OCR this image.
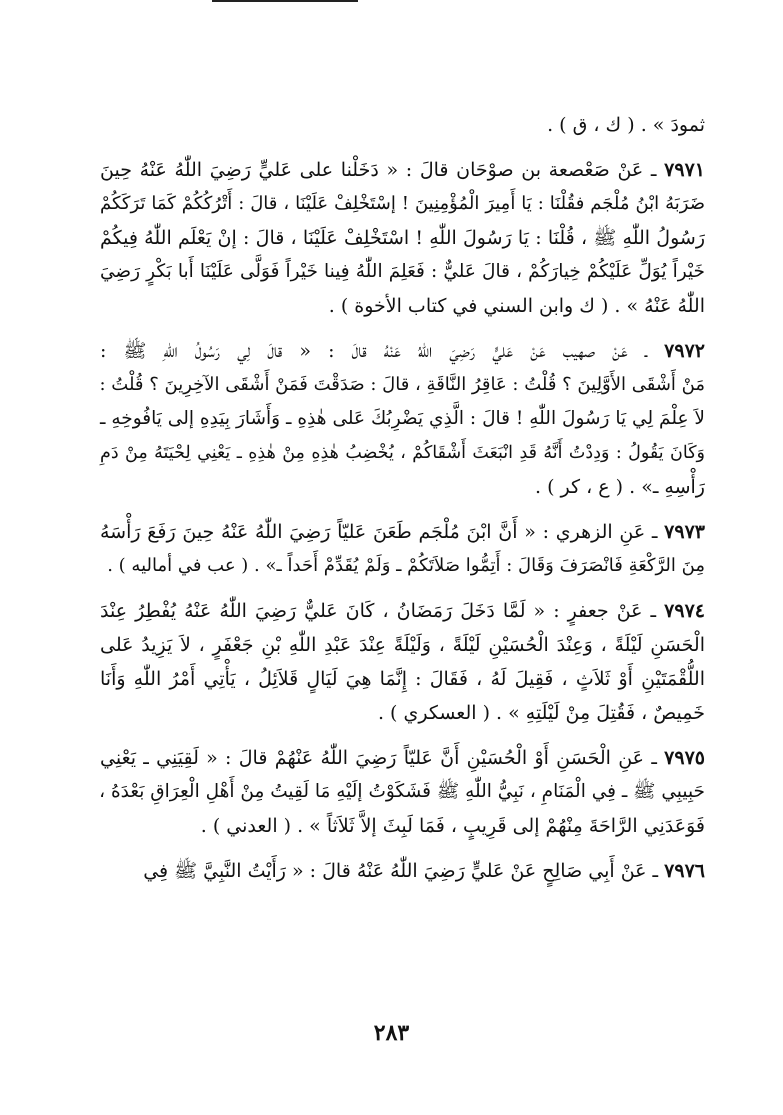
ثمودَ » . ( ك ، ق ) .
٧٩٧١ ـ عَنْ صَعْصعة بن صوْحَان قالَ : « دَخَلْنا على عَليٍّ رَضِيَ اللّٰهُ عَنْهُ حِينَ
ضَرَبَهُ ابْنُ مُلْجَم فقُلْنَا : يَا أَمِيرَ الْمُؤْمِنِينَ ! إسْتَخْلِفْ عَلَيْنَا ، قالَ : أَتْرُكُكُمْ كَمَا تَرَكَكُمْ
رَسُولُ اللّٰهِ ﷺ ، قُلْنَا : يَا رَسُولَ اللّٰهِ ! اسْتَخْلِفْ عَلَيْنَا ، قالَ : إنْ يَعْلَم اللّٰهُ فِيكُمْ
خَيْراً يُوَلِّ عَلَيْكُمْ خِيارَكُمْ ، قالَ عَليٌّ : فَعَلِمَ اللّٰهُ فِينا خَيْراً فَوَلَّى عَلَيْنَا أَبا بَكْرٍ رَضِيَ
اللّٰهُ عَنْهُ » . ( ك وابن السني في كتاب الأخوة ) .
٧٩٧٢ ـ عَنْ صهيب عَنْ عَليٍّ رَضِيَ اللّٰهُ عَنْهُ قالَ : « قالَ لِي رَسُولُ اللّٰهِ ﷺ :
مَنْ أَشْقَى الأَوَّلِينَ ؟ قُلْتُ : عَاقِرُ النَّاقَةِ ، قالَ : صَدَقْتَ فَمَنْ أَشْقَى الآخِرِينَ ؟ قُلْتُ :
لاَ عِلْمَ لِي يَا رَسُولَ اللّٰهِ ! قالَ : الَّذِي يَضْرِبُكَ عَلى هٰذِهِ ـ وَأَشَارَ بِيَدِهِ إلى يَافُوخِهِ ـ
وَكَانَ يَقُولُ : وَدِدْتُ أَنَّهُ قَدِ انْبَعَثَ أَشْقَاكُمْ ، يُخْضِبُ هٰذِهِ مِنْ هٰذِهِ ـ يَعْنِي لِحْيَتَهُ مِنْ دَمِ
رَأْسِهِ ـ» . ( ع ، كر ) .
٧٩٧٣ ـ عَنِ الزهري : « أَنَّ ابْنَ مُلْجَم طَعَنَ عَليّاً رَضِيَ اللّٰهُ عَنْهُ حِينَ رَفَعَ رَأْسَهُ
مِنَ الرَّكْعَةِ فَانْصَرَفَ وَقَالَ : أَتِمُّوا صَلاَتَكُمْ ـ وَلَمْ يُقَدِّمْ أَحَداً ـ» . ( عب في أماليه ) .
٧٩٧٤ ـ عَنْ جعفرٍ : « لَمَّا دَخَلَ رَمَضَانُ ، كَانَ عَليٌّ رَضِيَ اللّٰهُ عَنْهُ يُفْطِرُ عِنْدَ
الْحَسَنِ لَيْلَةً ، وَعِنْدَ الْحُسَيْنِ لَيْلَةً ، وَلَيْلَةً عِنْدَ عَبْدِ اللّٰهِ بْنِ جَعْفَرٍ ، لاَ يَزِيدُ عَلى
اللُّقْمَتَيْنِ أَوْ ثَلاَثٍ ، فَقِيلَ لَهُ ، فَقَالَ : إِنَّمَا هِيَ لَيَالٍ قَلاَئِلُ ، يَأْتِي أَمْرُ اللّٰهِ وَأَنَا
خَمِيصٌ ، فَقُتِلَ مِنْ لَيْلَتِهِ » . ( العسكري ) .
٧٩٧٥ ـ عَنِ الْحَسَنِ أَوْ الْحُسَيْنِ أَنَّ عَليّاً رَضِيَ اللّٰهُ عَنْهُمْ قالَ : « لَقِيَنِي ـ يَعْنِي
حَبِيبِي ﷺ ـ فِي الْمَنَامِ ، نَبِيُّ اللّٰهِ ﷺ فَشَكَوْتُ إلَيْهِ مَا لَقِيتُ مِنْ أَهْلِ الْعِرَاقِ بَعْدَهُ ،
فَوَعَدَنِي الرَّاحَةَ مِنْهُمْ إلى قَرِيبٍ ، فَمَا لَبِثَ إلاَّ ثَلاَثاً » . ( العدني ) .
٧٩٧٦ ـ عَنْ أَبِي صَالِحٍ عَنْ عَليٍّ رَضِيَ اللّٰهُ عَنْهُ قالَ : « رَأَيْتُ النَّبِيَّ ﷺ فِي
٢٨٣
